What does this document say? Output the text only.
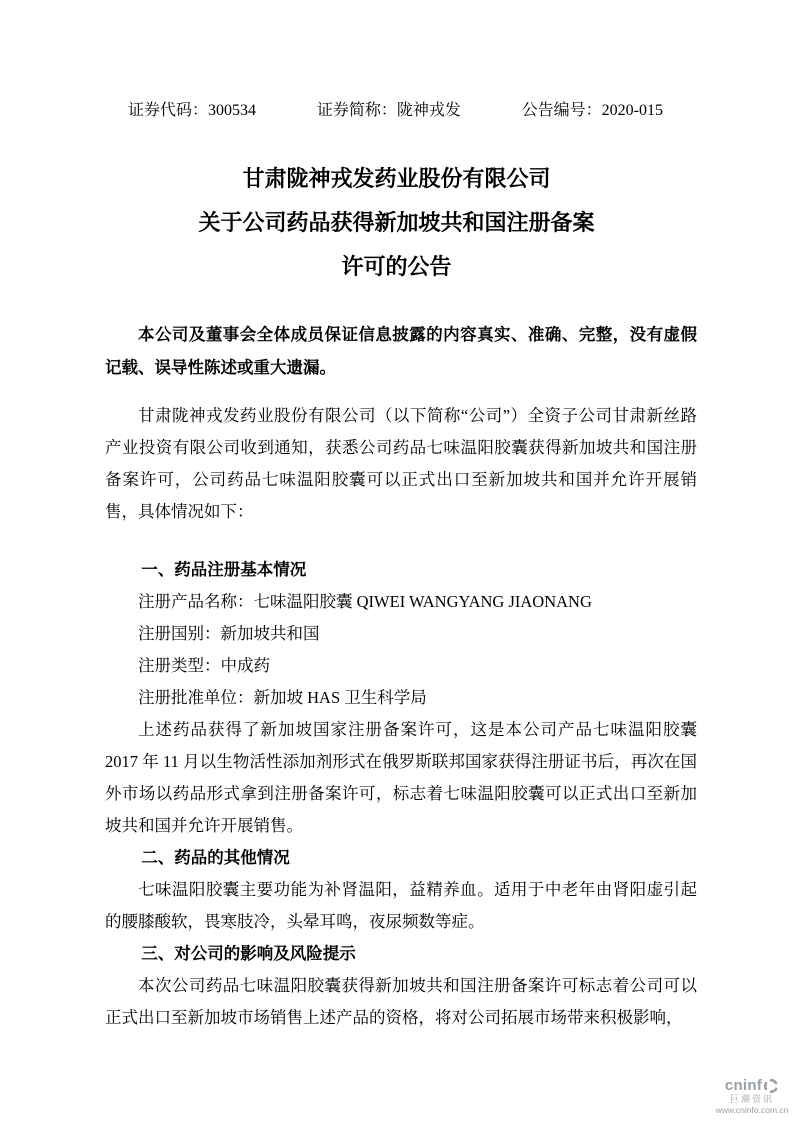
证券代码：300534	证券简称：陇神戎发	公告编号：2020-015
甘肃陇神戎发药业股份有限公司
关于公司药品获得新加坡共和国注册备案
许可的公告

本公司及董事会全体成员保证信息披露的内容真实、准确、完整，没有虚假记载、误导性陈述或重大遗漏。

甘肃陇神戎发药业股份有限公司（以下简称“公司”）全资子公司甘肃新丝路产业投资有限公司收到通知，获悉公司药品七味温阳胶囊获得新加坡共和国注册备案许可，公司药品七味温阳胶囊可以正式出口至新加坡共和国并允许开展销售，具体情况如下：

一、药品注册基本情况

注册产品名称：七味温阳胶囊 QIWEI WANGYANG JIAONANG

注册国别：新加坡共和国

注册类型：中成药

注册批准单位：新加坡 HAS 卫生科学局

上述药品获得了新加坡国家注册备案许可，这是本公司产品七味温阳胶囊 2017 年 11 月以生物活性添加剂形式在俄罗斯联邦国家获得注册证书后，再次在国外市场以药品形式拿到注册备案许可，标志着七味温阳胶囊可以正式出口至新加坡共和国并允许开展销售。

二、药品的其他情况

七味温阳胶囊主要功能为补肾温阳，益精养血。适用于中老年由肾阳虚引起的腰膝酸软，畏寒肢冷，头晕耳鸣，夜尿频数等症。

三、对公司的影响及风险提示

本次公司药品七味温阳胶囊获得新加坡共和国注册备案许可标志着公司可以正式出口至新加坡市场销售上述产品的资格，将对公司拓展市场带来积极影响，

cninf
巨潮资讯
www.cninfo.com.cn
